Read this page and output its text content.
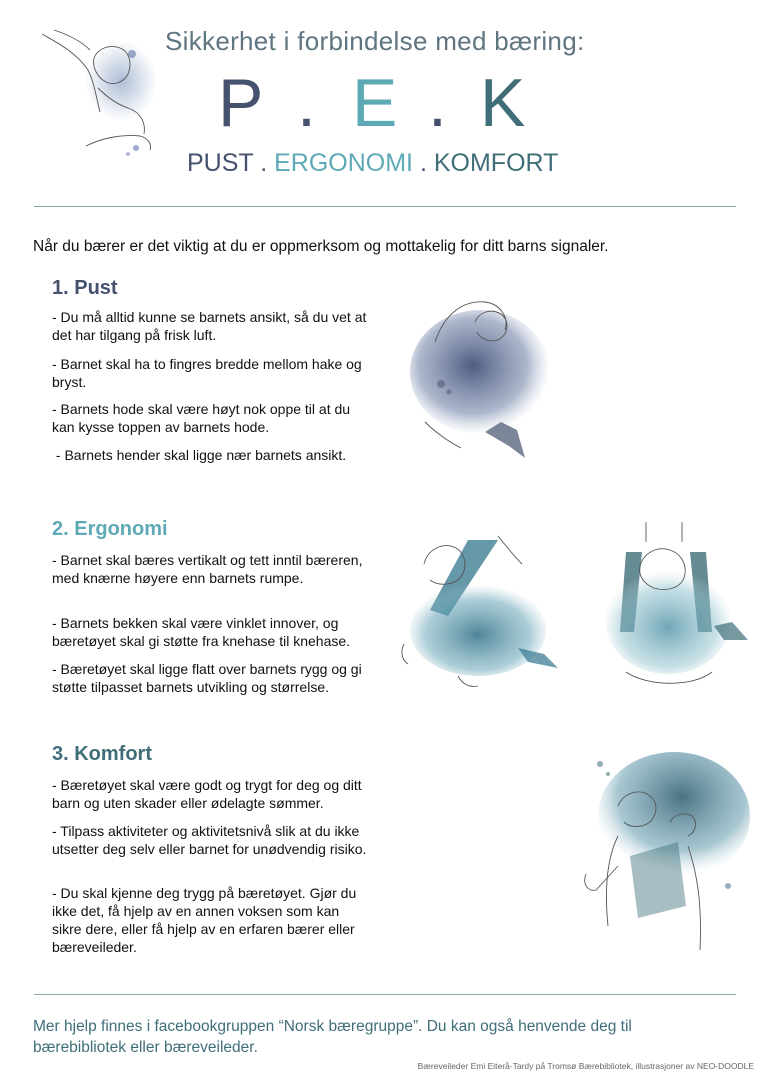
Sikkerhet i forbindelse med bæring:
P . E . K
PUST . ERGONOMI . KOMFORT
Når du bærer er det viktig at du er oppmerksom og mottakelig for ditt barns signaler.
1. Pust
- Du må alltid kunne se barnets ansikt, så du vet at det har tilgang på frisk luft.
- Barnet skal ha to fingres bredde mellom hake og bryst.
- Barnets hode skal være høyt nok oppe til at du kan kysse toppen av barnets hode.
- Barnets hender skal ligge nær barnets ansikt.
2. Ergonomi
- Barnet skal bæres vertikalt og tett inntil bæreren, med knærne høyere enn barnets rumpe.
- Barnets bekken skal være vinklet innover, og bæretøyet skal gi støtte fra knehase til knehase.
- Bæretøyet skal ligge flatt over barnets rygg og gi støtte tilpasset barnets utvikling og størrelse.
3. Komfort
- Bæretøyet skal være godt og trygt for deg og ditt barn og uten skader eller ødelagte sømmer.
- Tilpass aktiviteter og aktivitetsnivå slik at du ikke utsetter deg selv eller barnet for unødvendig risiko.
- Du skal kjenne deg trygg på bæretøyet. Gjør du ikke det, få hjelp av en annen voksen som kan sikre dere, eller få hjelp av en erfaren bærer eller bæreveileder.
Mer hjelp finnes i facebookgruppen “Norsk bæregruppe”. Du kan også henvende deg til bærebibliotek eller bæreveileder.
Bæreveileder Emi Eiterå-Tardy på Tromsø Bærebibliotek, illustrasjoner av NEO-DOODLE
